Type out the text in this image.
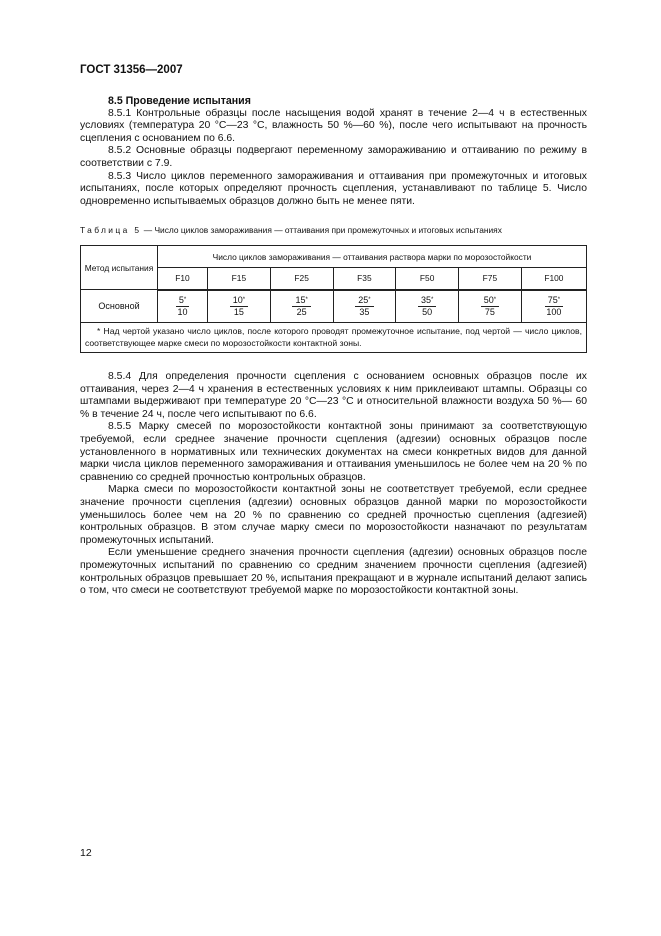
ГОСТ 31356—2007
8.5 Проведение испытания

8.5.1 Контрольные образцы после насыщения водой хранят в течение 2—4 ч в естественных условиях (температура 20 °С—23 °С, влажность 50 %—60 %), после чего испытывают на прочность сцепления с основанием по 6.6.

8.5.2 Основные образцы подвергают переменному замораживанию и оттаиванию по режиму в соответствии с 7.9.

8.5.3 Число циклов переменного замораживания и оттаивания при промежуточных и итоговых испытаниях, после которых определяют прочность сцепления, устанавливают по таблице 5. Число одновременно испытываемых образцов должно быть не менее пяти.

Таблица 5 — Число циклов замораживания — оттаивания при промежуточных и итоговых испытаниях
Метод испытания	Число циклов замораживания — оттаивания раствора марки по морозостойкости						
	F10	F15	F25	F35	F50	F75	F100
Основной	$\frac{5^*}{10}$	$\frac{10^*}{15}$	$\frac{15^*}{25}$	$\frac{25^*}{35}$	$\frac{35^*}{50}$	$\frac{50^*}{75}$	$\frac{75^*}{100}$

* Над чертой указано число циклов, после которого проводят промежуточное испытание, под чертой — число циклов, соответствующее марке смеси по морозостойкости контактной зоны.							

8.5.4 Для определения прочности сцепления с основанием основных образцов после их оттаивания, через 2—4 ч хранения в естественных условиях к ним приклеивают штампы. Образцы со штампами выдерживают при температуре 20 °С—23 °С и относительной влажности воздуха 50 %— 60 % в течение 24 ч, после чего испытывают по 6.6.

8.5.5 Марку смесей по морозостойкости контактной зоны принимают за соответствующую требуемой, если среднее значение прочности сцепления (адгезии) основных образцов после установленного в нормативных или технических документах на смеси конкретных видов для данной марки числа циклов переменного замораживания и оттаивания уменьшилось не более чем на 20 % по сравнению со средней прочностью контрольных образцов.

Марка смеси по морозостойкости контактной зоны не соответствует требуемой, если среднее значение прочности сцепления (адгезии) основных образцов данной марки по морозостойкости уменьшилось более чем на 20 % по сравнению со средней прочностью сцепления (адгезией) контрольных образцов. В этом случае марку смеси по морозостойкости назначают по результатам промежуточных испытаний.

Если уменьшение среднего значения прочности сцепления (адгезии) основных образцов после промежуточных испытаний по сравнению со средним значением прочности сцепления (адгезией) контрольных образцов превышает 20 %, испытания прекращают и в журнале испытаний делают запись о том, что смеси не соответствуют требуемой марке по морозостойкости контактной зоны.

12
